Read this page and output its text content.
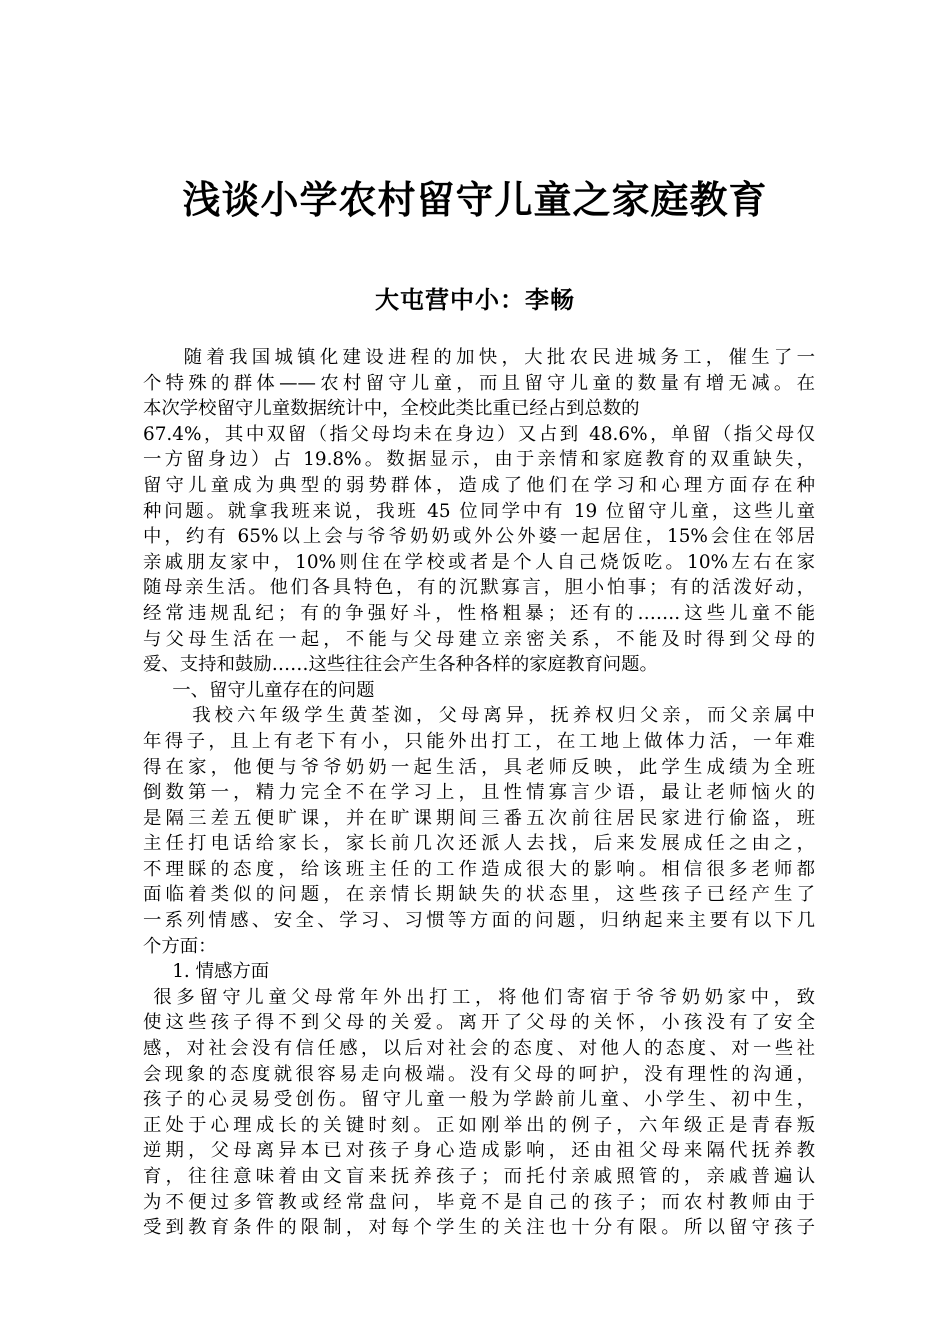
浅谈小学农村留守儿童之家庭教育
大屯营中小：李畅
随着我国城镇化建设进程的加快，大批农民进城务工，催生了一
个特殊的群体——农村留守儿童，而且留守儿童的数量有增无减。在
本次学校留守儿童数据统计中，全校此类比重已经占到总数的
67.4%，其中双留（指父母均未在身边）又占到 48.6%，单留（指父母仅
一方留身边）占 19.8%。数据显示，由于亲情和家庭教育的双重缺失，
留守儿童成为典型的弱势群体，造成了他们在学习和心理方面存在种
种问题。就拿我班来说，我班 45 位同学中有 19 位留守儿童，这些儿童
中，约有 65%以上会与爷爷奶奶或外公外婆一起居住，15%会住在邻居
亲戚朋友家中，10%则住在学校或者是个人自己烧饭吃。10%左右在家
随母亲生活。他们各具特色，有的沉默寡言，胆小怕事；有的活泼好动，
经常违规乱纪；有的争强好斗，性格粗暴；还有的…….这些儿童不能
与父母生活在一起，不能与父母建立亲密关系，不能及时得到父母的
爱、支持和鼓励……这些往往会产生各种各样的家庭教育问题。
一、留守儿童存在的问题
我校六年级学生黄荃洳，父母离异，抚养权归父亲，而父亲属中
年得子，且上有老下有小，只能外出打工，在工地上做体力活，一年难
得在家，他便与爷爷奶奶一起生活，具老师反映，此学生成绩为全班
倒数第一，精力完全不在学习上，且性情寡言少语，最让老师恼火的
是隔三差五便旷课，并在旷课期间三番五次前往居民家进行偷盗，班
主任打电话给家长，家长前几次还派人去找，后来发展成任之由之，
不理睬的态度，给该班主任的工作造成很大的影响。相信很多老师都
面临着类似的问题，在亲情长期缺失的状态里，这些孩子已经产生了
一系列情感、安全、学习、习惯等方面的问题，归纳起来主要有以下几
个方面：
1. 情感方面
很多留守儿童父母常年外出打工，将他们寄宿于爷爷奶奶家中，致
使这些孩子得不到父母的关爱。离开了父母的关怀，小孩没有了安全
感，对社会没有信任感，以后对社会的态度、对他人的态度、对一些社
会现象的态度就很容易走向极端。没有父母的呵护，没有理性的沟通，
孩子的心灵易受创伤。留守儿童一般为学龄前儿童、小学生、初中生，
正处于心理成长的关键时刻。正如刚举出的例子，六年级正是青春叛
逆期，父母离异本已对孩子身心造成影响，还由祖父母来隔代抚养教
育，往往意味着由文盲来抚养孩子；而托付亲戚照管的，亲戚普遍认
为不便过多管教或经常盘问，毕竟不是自己的孩子；而农村教师由于
受到教育条件的限制，对每个学生的关注也十分有限。所以留守孩子
